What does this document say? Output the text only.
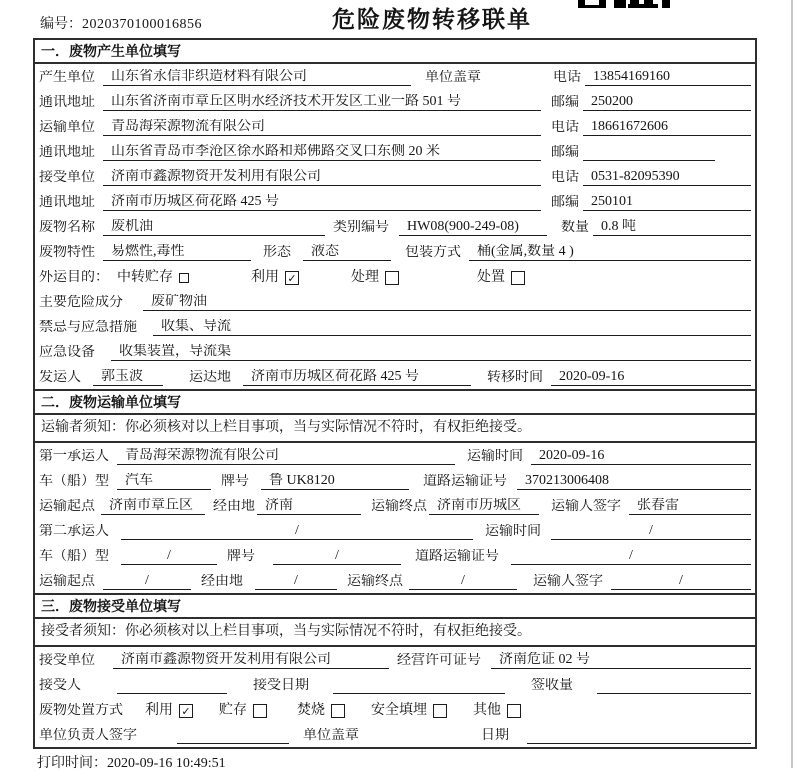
编号：2020370100016856	危险废物转移联单
一．废物产生单位填写
产生单位	山东省永信非织造材料有限公司	单位盖章	电话 13854169160
通讯地址	山东省济南市章丘区明水经济技术开发区工业一路 501 号	邮编 250200
运输单位	青岛海荣源物流有限公司	电话 18661672606
通讯地址	山东省青岛市李沧区徐水路和郑佛路交叉口东侧 20 米	邮编
接受单位	济南市鑫源物资开发利用有限公司	电话 0531-82095390
通讯地址	济南市历城区荷花路 425 号	邮编 250101
废物名称	废机油	类别编号	HW08(900-249-08)	数量 0.8 吨
废物特性	易燃性,毒性	形态	液态	包装方式	桶(金属,数量 4 )
外运目的： 中转贮存	利用 ✓	处理	处置
主要危险成分	废矿物油
禁忌与应急措施	收集、导流
应急设备	收集装置，导流渠
发运人	郭玉波	运达地	济南市历城区荷花路 425 号	转移时间	2020-09-16
二．废物运输单位填写
运输者须知：你必须核对以上栏目事项，当与实际情况不符时，有权拒绝接受。
第一承运人	青岛海荣源物流有限公司	运输时间	2020-09-16
车（船）型	汽车	牌号	鲁 UK8120	道路运输证号	370213006408
运输起点	济南市章丘区	经由地 济南	运输终点 济南市历城区	运输人签字	张春雷
第二承运人	/	运输时间	/
车（船）型	/	牌号	/	道路运输证号	/
运输起点	/	经由地	/	运输终点	/	运输人签字	/
三．废物接受单位填写
接受者须知：你必须核对以上栏目事项，当与实际情况不符时，有权拒绝接受。
接受单位	济南市鑫源物资开发利用有限公司	经营许可证号	济南危证 02 号
接受人	接受日期	签收量
废物处置方式 利用 ✓ 贮存	焚烧	安全填埋	其他
单位负责人签字	单位盖章	日期
打印时间：2020-09-16 10:49:51
